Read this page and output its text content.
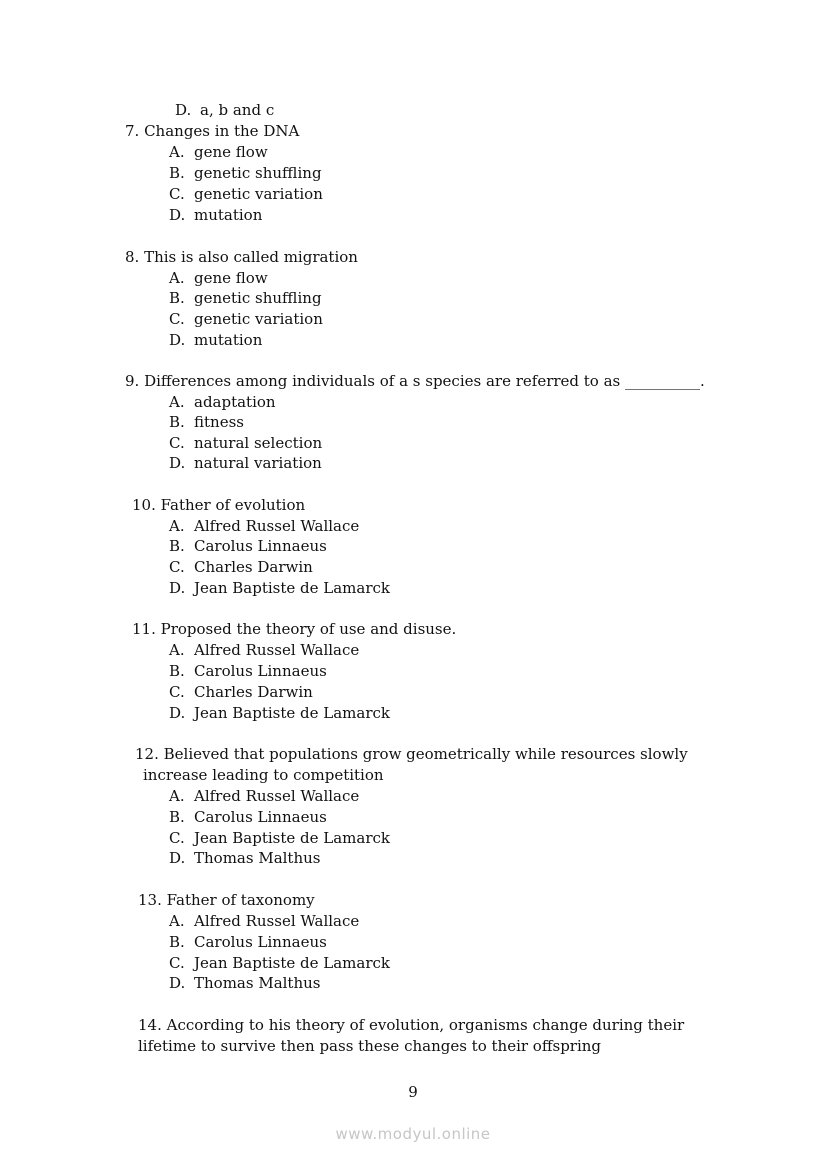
D. a, b and c
7. Changes in the DNA
A. gene flow
B. genetic shuffling
C. genetic variation
D. mutation
8. This is also called migration
A. gene flow
B. genetic shuffling
C. genetic variation
D. mutation
9. Differences among individuals of a s species are referred to as __________.
A. adaptation
B. fitness
C. natural selection
D. natural variation
10. Father of evolution
A. Alfred Russel Wallace
B. Carolus Linnaeus
C. Charles Darwin
D. Jean Baptiste de Lamarck
11. Proposed the theory of use and disuse.
A. Alfred Russel Wallace
B. Carolus Linnaeus
C. Charles Darwin
D. Jean Baptiste de Lamarck
12. Believed that populations grow geometrically while resources slowly
increase leading to competition
A. Alfred Russel Wallace
B. Carolus Linnaeus
C. Jean Baptiste de Lamarck
D. Thomas Malthus
13. Father of taxonomy
A. Alfred Russel Wallace
B. Carolus Linnaeus
C. Jean Baptiste de Lamarck
D. Thomas Malthus
14. According to his theory of evolution, organisms change during their
lifetime to survive then pass these changes to their offspring
9
www.modyul.online
